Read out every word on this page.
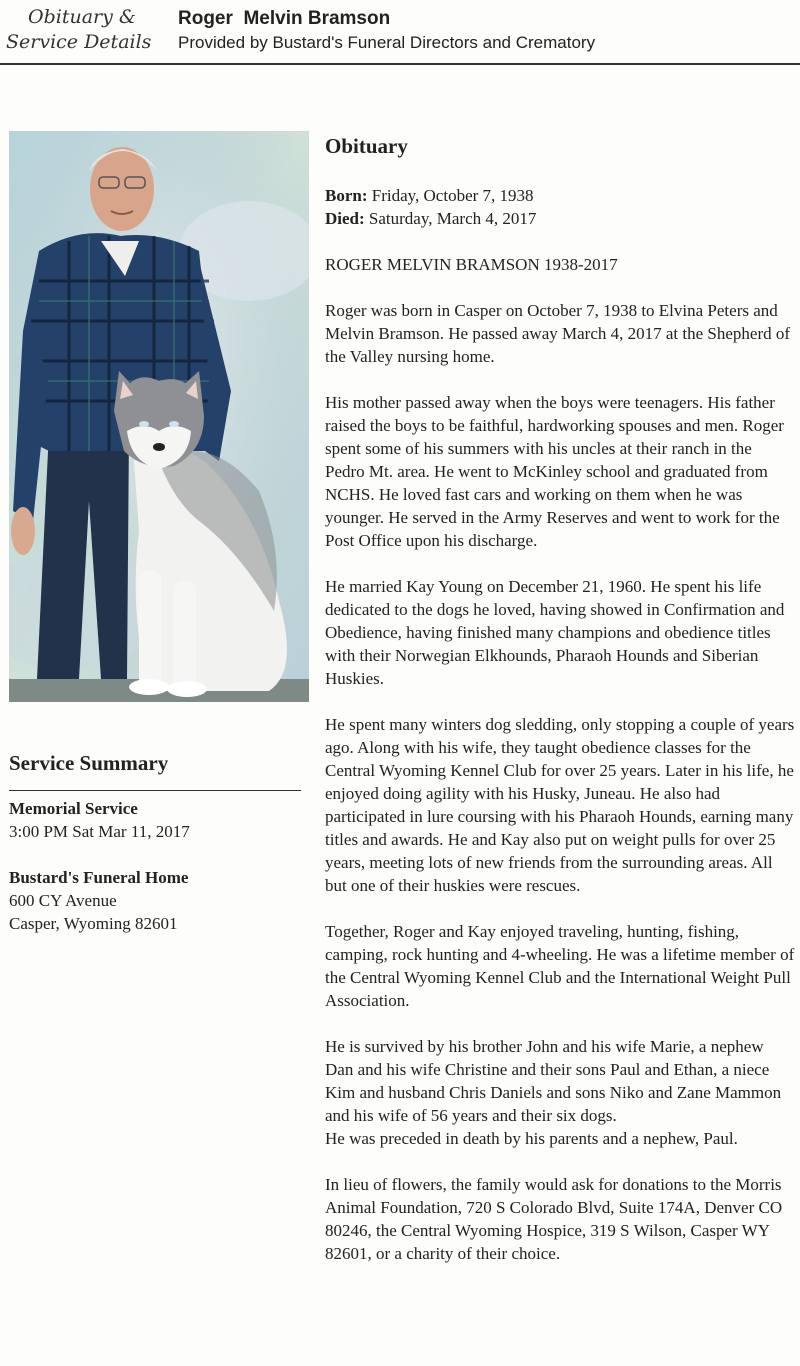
Obituary &
Service Details
Roger  Melvin Bramson
Provided by Bustard's Funeral Directors and Crematory
Service Summary
Memorial Service
3:00 PM Sat Mar 11, 2017
Bustard's Funeral Home
600 CY Avenue
Casper, Wyoming 82601
Obituary

Born: Friday, October 7, 1938

Died: Saturday, March 4, 2017

ROGER MELVIN BRAMSON 1938-2017

Roger was born in Casper on October 7, 1938 to Elvina Peters and Melvin Bramson. He passed away March 4, 2017 at the Shepherd of the Valley nursing home.

His mother passed away when the boys were teenagers. His father raised the boys to be faithful, hardworking spouses and men. Roger spent some of his summers with his uncles at their ranch in the Pedro Mt. area. He went to McKinley school and graduated from NCHS. He loved fast cars and working on them when he was younger. He served in the Army Reserves and went to work for the Post Office upon his discharge.

He married Kay Young on December 21, 1960. He spent his life dedicated to the dogs he loved, having showed in Confirmation and Obedience, having finished many champions and obedience titles with their Norwegian Elkhounds, Pharaoh Hounds and Siberian Huskies.

He spent many winters dog sledding, only stopping a couple of years ago. Along with his wife, they taught obedience classes for the Central Wyoming Kennel Club for over 25 years. Later in his life, he enjoyed doing agility with his Husky, Juneau. He also had participated in lure coursing with his Pharaoh Hounds, earning many titles and awards. He and Kay also put on weight pulls for over 25 years, meeting lots of new friends from the surrounding areas. All but one of their huskies were rescues.

Together, Roger and Kay enjoyed traveling, hunting, fishing, camping, rock hunting and 4-wheeling. He was a lifetime member of the Central Wyoming Kennel Club and the International Weight Pull Association.

He is survived by his brother John and his wife Marie, a nephew Dan and his wife Christine and their sons Paul and Ethan, a niece Kim and husband Chris Daniels and sons Niko and Zane Mammon and his wife of 56 years and their six dogs.

He was preceded in death by his parents and a nephew, Paul.

In lieu of flowers, the family would ask for donations to the Morris Animal Foundation, 720 S Colorado Blvd, Suite 174A, Denver CO 80246, the Central Wyoming Hospice, 319 S Wilson, Casper WY 82601, or a charity of their choice.
